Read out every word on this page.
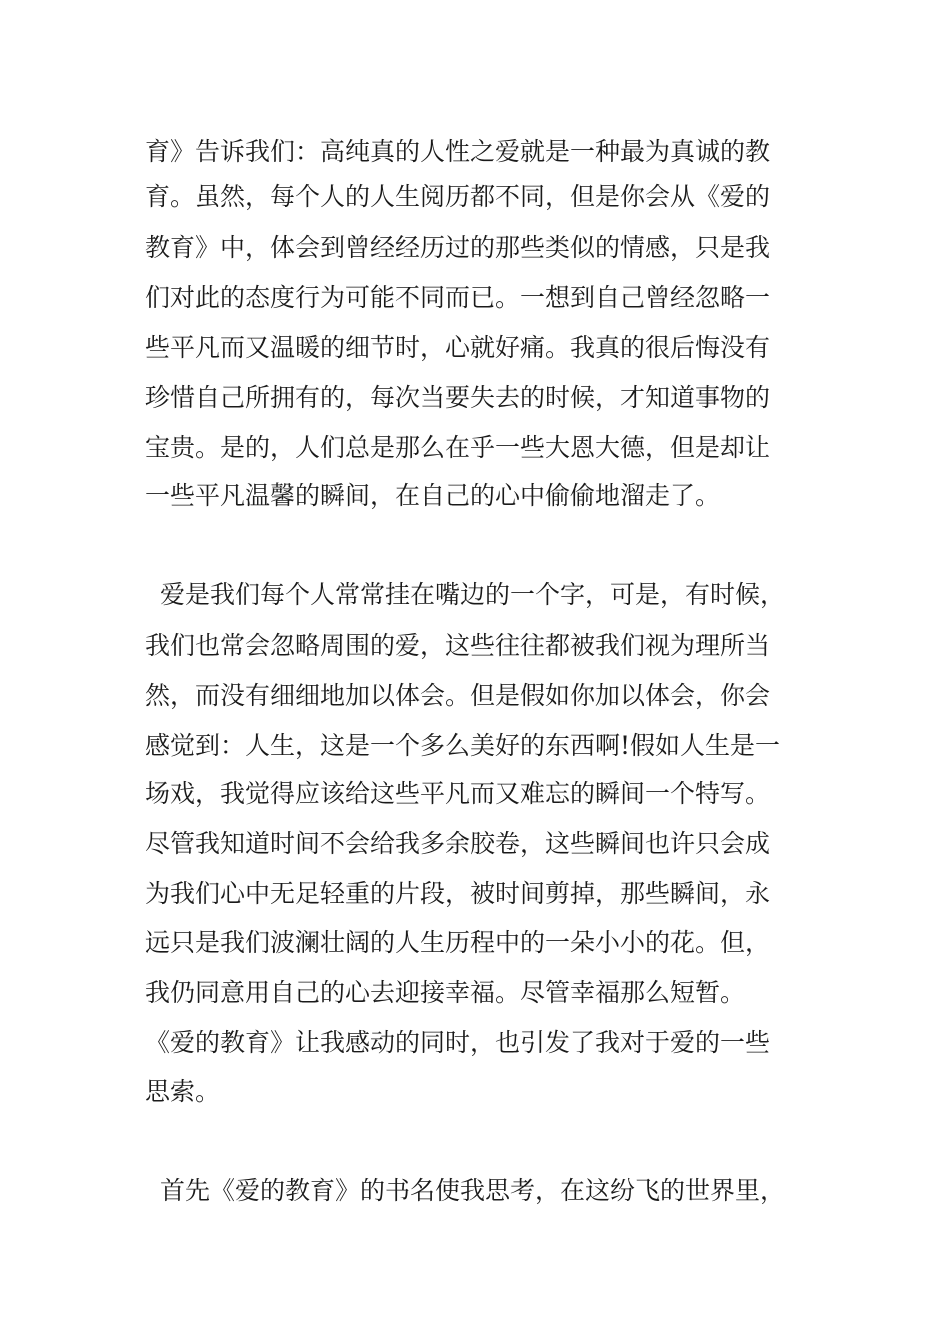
育》告诉我们：高纯真的人性之爱就是一种最为真诚的教
育。虽然，每个人的人生阅历都不同，但是你会从《爱的
教育》中，体会到曾经经历过的那些类似的情感，只是我
们对此的态度行为可能不同而已。一想到自己曾经忽略一
些平凡而又温暖的细节时，心就好痛。我真的很后悔没有
珍惜自己所拥有的，每次当要失去的时候，才知道事物的
宝贵。是的，人们总是那么在乎一些大恩大德，但是却让
一些平凡温馨的瞬间，在自己的心中偷偷地溜走了。
爱是我们每个人常常挂在嘴边的一个字，可是，有时候，
我们也常会忽略周围的爱，这些往往都被我们视为理所当
然，而没有细细地加以体会。但是假如你加以体会，你会
感觉到：人生，这是一个多么美好的东西啊!假如人生是一
场戏，我觉得应该给这些平凡而又难忘的瞬间一个特写。
尽管我知道时间不会给我多余胶卷，这些瞬间也许只会成
为我们心中无足轻重的片段，被时间剪掉，那些瞬间，永
远只是我们波澜壮阔的人生历程中的一朵小小的花。但，
我仍同意用自己的心去迎接幸福。尽管幸福那么短暂。
《爱的教育》让我感动的同时，也引发了我对于爱的一些
思索。
首先《爱的教育》的书名使我思考，在这纷飞的世界里，
